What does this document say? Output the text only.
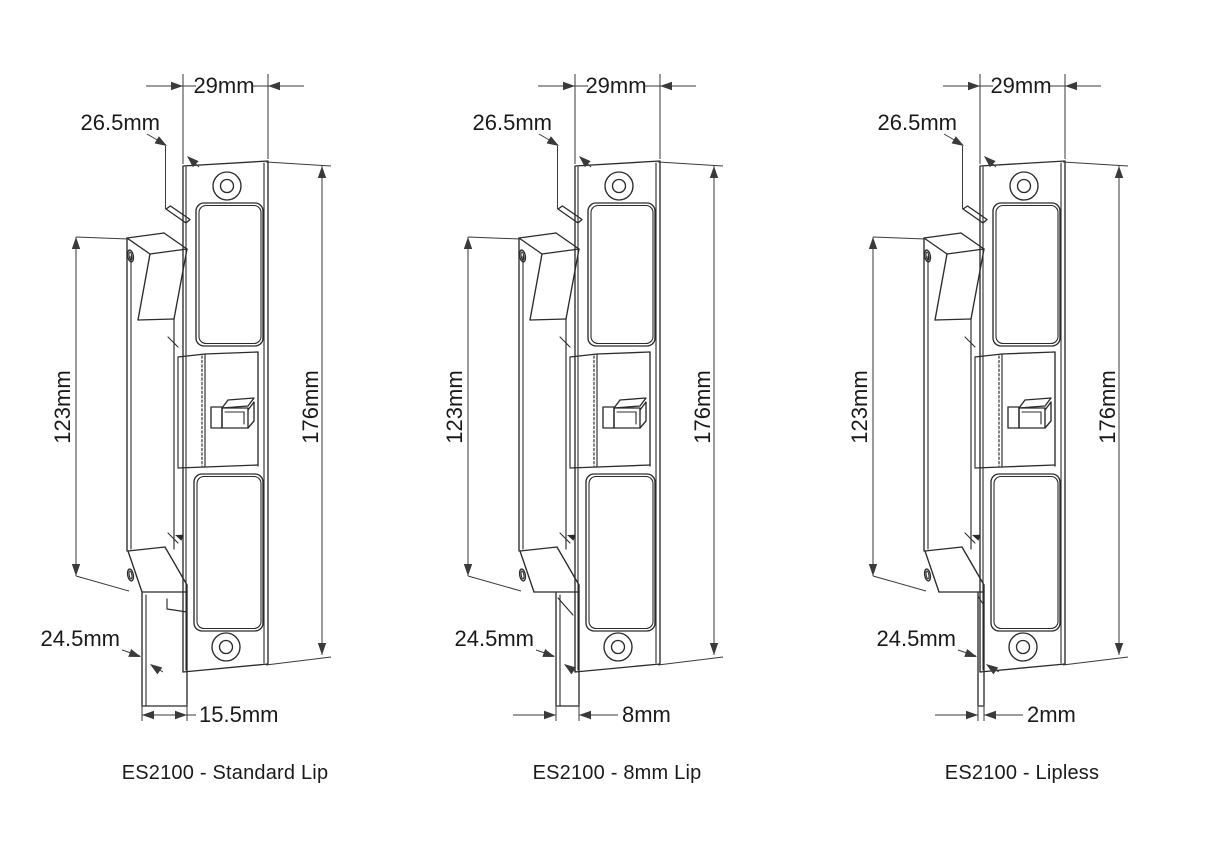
29mm
26.5mm
123mm	176mm
24.5mm
15.5mm
ES2100 - Standard Lip
29mm
26.5mm
123mm	176mm
24.5mm
8mm
ES2100 - 8mm Lip
29mm
26.5mm
123mm	176mm
24.5mm
2mm
ES2100 - Lipless
